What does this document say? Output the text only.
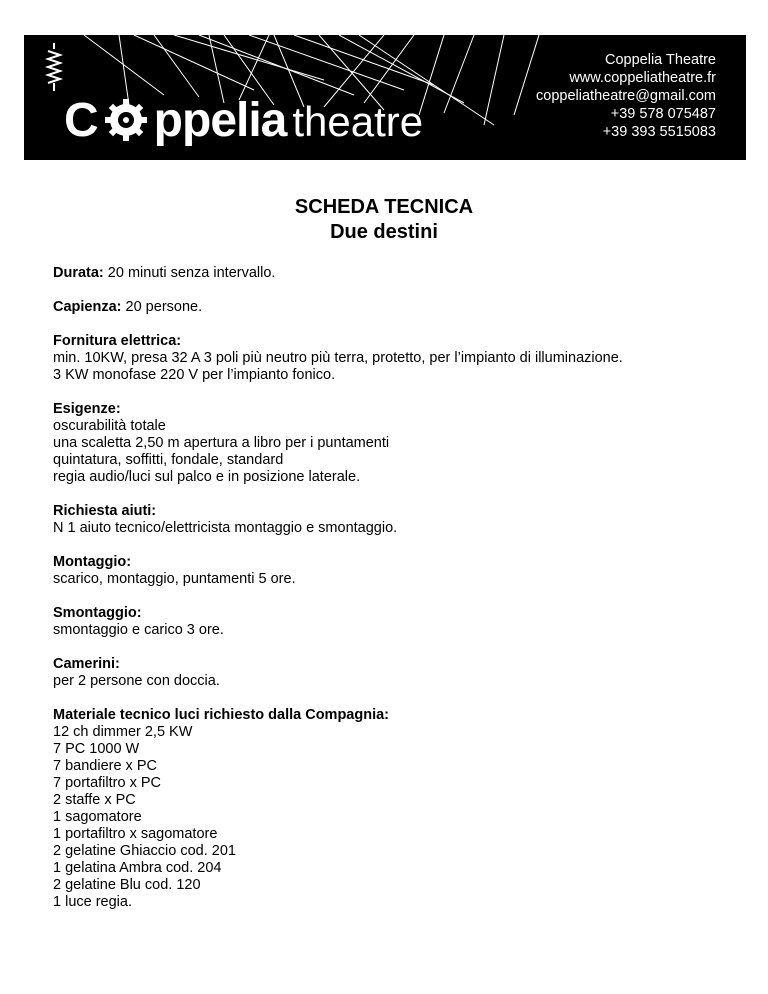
C ppelia theatre
Coppelia Theatre
www.coppeliatheatre.fr
coppeliatheatre@gmail.com
+39 578 075487
+39 393 5515083
SCHEDA TECNICA
Due destini
Durata: 20 minuti senza intervallo.
Capienza: 20 persone.
Fornitura elettrica:
min. 10KW, presa 32 A 3 poli più neutro più terra, protetto, per l’impianto di illuminazione.
3 KW monofase 220 V per l’impianto fonico.
Esigenze:
oscurabilità totale
una scaletta 2,50 m apertura a libro per i puntamenti
quintatura, soffitti, fondale, standard
regia audio/luci sul palco e in posizione laterale.
Richiesta aiuti:
N 1 aiuto tecnico/elettricista montaggio e smontaggio.
Montaggio:
scarico, montaggio, puntamenti 5 ore.
Smontaggio:
smontaggio e carico 3 ore.
Camerini:
per 2 persone con doccia.
Materiale tecnico luci richiesto dalla Compagnia:
12 ch dimmer 2,5 KW
7 PC 1000 W
7 bandiere x PC
7 portafiltro x PC
2 staffe x PC
1 sagomatore
1 portafiltro x sagomatore
2 gelatine Ghiaccio cod. 201
1 gelatina Ambra cod. 204
2 gelatine Blu cod. 120
1 luce regia.
